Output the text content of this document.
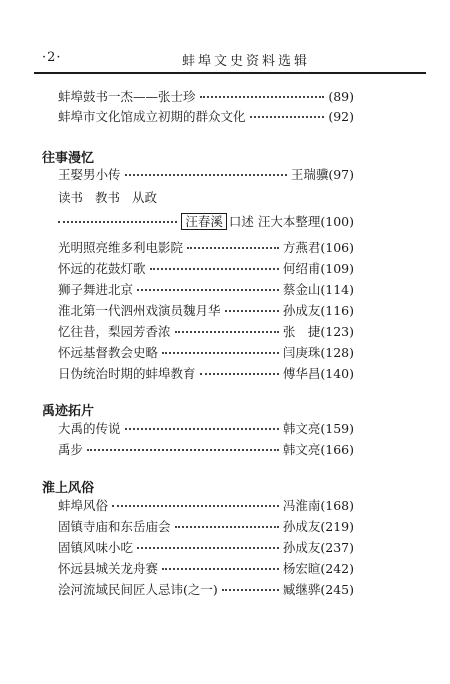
·2·	蚌埠文史资料选辑
蚌埠鼓书一杰——张士珍	(89)
蚌埠市文化馆成立初期的群众文化	(92)
往事漫忆
王娶男小传	王瑞骥(97)
读书 教书 从政
汪春溪 口述 汪大本整理(100)
光明照亮维多利电影院	方燕君(106)
怀远的花鼓灯歌	何绍甫(109)
狮子舞进北京	蔡金山(114)
淮北第一代泗州戏演员魏月华	孙成友(116)
忆往昔，梨园芳香浓	张　捷(123)
怀远基督教会史略	闫庚珠(128)
日伪统治时期的蚌埠教育	傅华昌(140)
禹迹拓片
大禹的传说	韩文亮(159)
禹步	韩文亮(166)
淮上风俗
蚌埠风俗	冯淮南(168)
固镇寺庙和东岳庙会	孙成友(219)
固镇风味小吃	孙成友(237)
怀远县城关龙舟赛	杨宏暄(242)
浍河流域民间匠人忌讳(之一)	臧继骅(245)
